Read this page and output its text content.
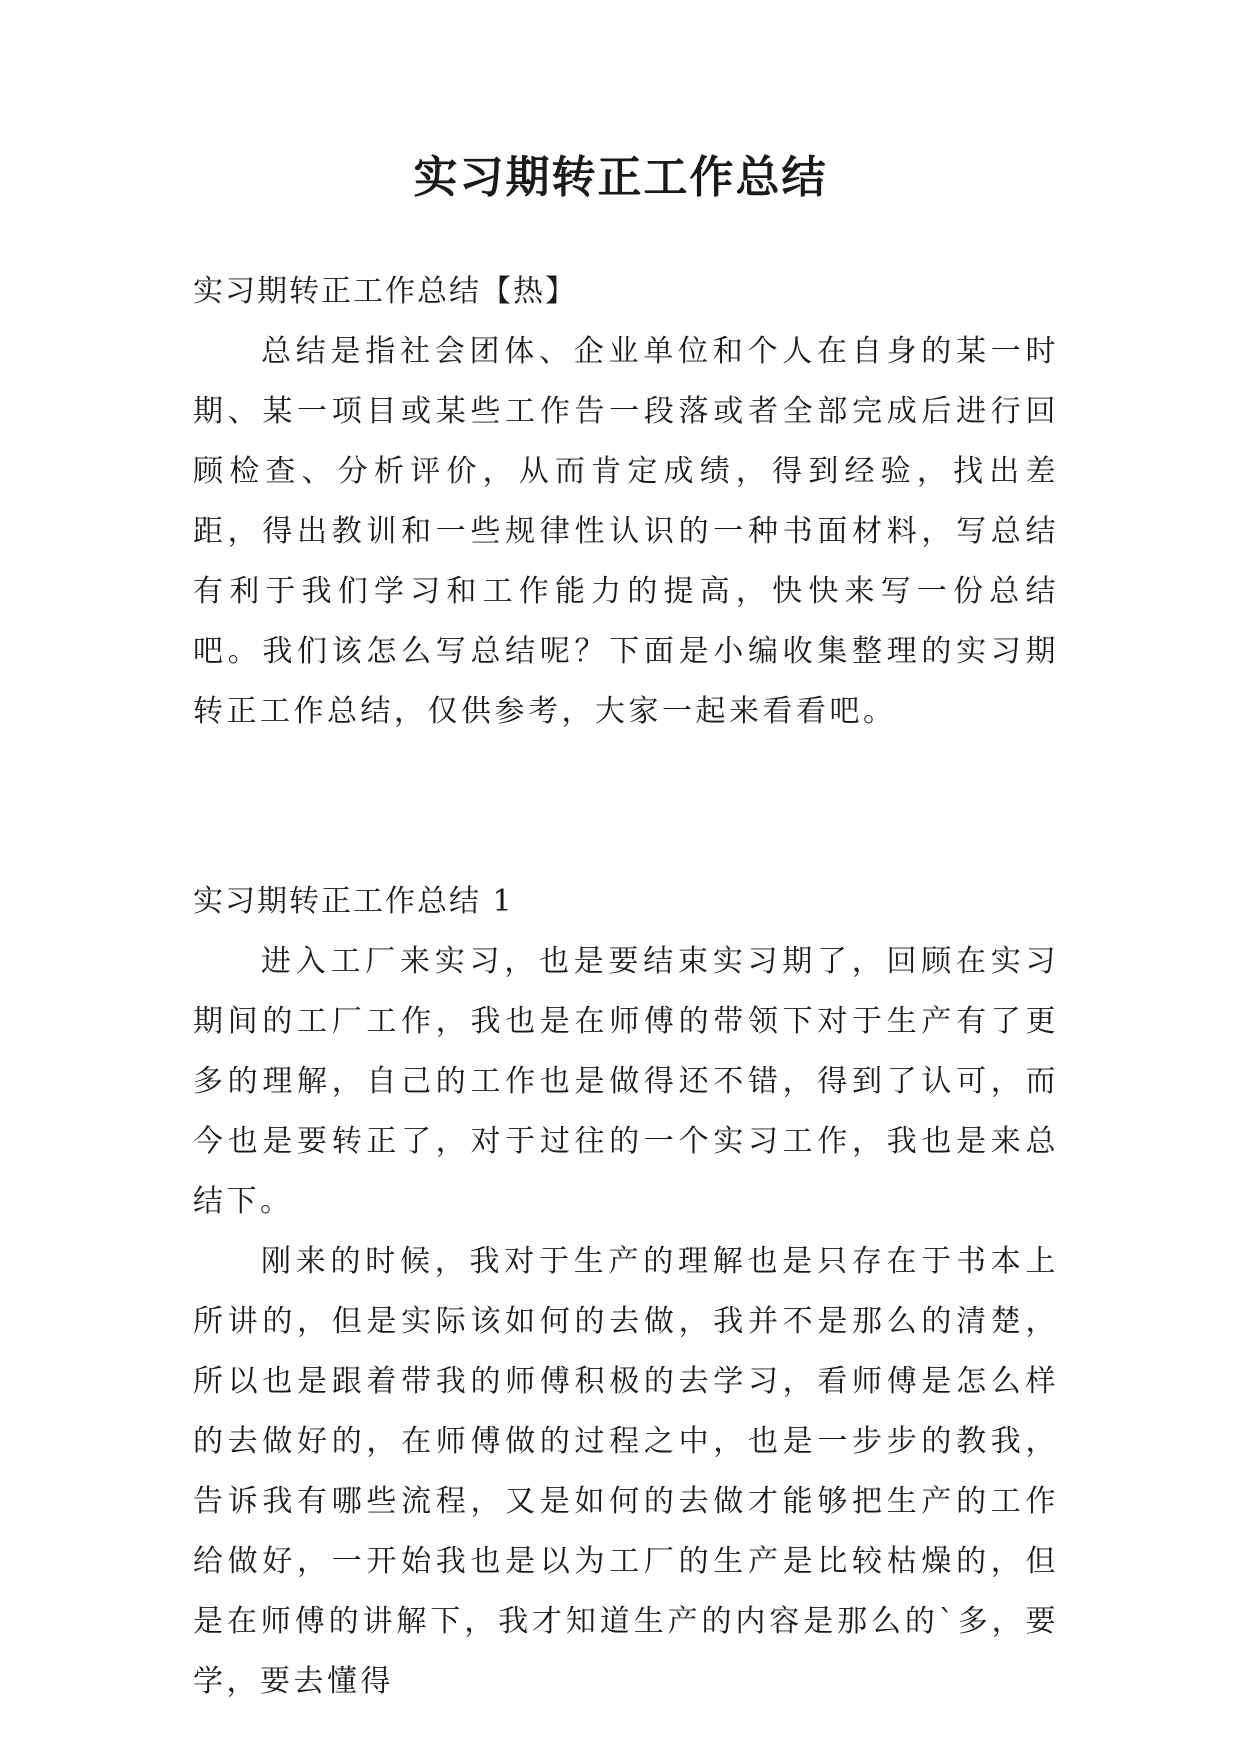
实习期转正工作总结

实习期转正工作总结【热】

总结是指社会团体、企业单位和个人在自身的某一时期、某一项目或某些工作告一段落或者全部完成后进行回顾检查、分析评价，从而肯定成绩，得到经验，找出差距，得出教训和一些规律性认识的一种书面材料，写总结有利于我们学习和工作能力的提高，快快来写一份总结吧。我们该怎么写总结呢？下面是小编收集整理的实习期转正工作总结，仅供参考，大家一起来看看吧。

实习期转正工作总结 1

进入工厂来实习，也是要结束实习期了，回顾在实习期间的工厂工作，我也是在师傅的带领下对于生产有了更多的理解，自己的工作也是做得还不错，得到了认可，而今也是要转正了，对于过往的一个实习工作，我也是来总结下。

刚来的时候，我对于生产的理解也是只存在于书本上所讲的，但是实际该如何的去做，我并不是那么的清楚，所以也是跟着带我的师傅积极的去学习，看师傅是怎么样的去做好的，在师傅做的过程之中，也是一步步的教我，告诉我有哪些流程，又是如何的去做才能够把生产的工作给做好，一开始我也是以为工厂的生产是比较枯燥的，但是在师傅的讲解下，我才知道生产的内容是那么的`多，要学，要去懂得
